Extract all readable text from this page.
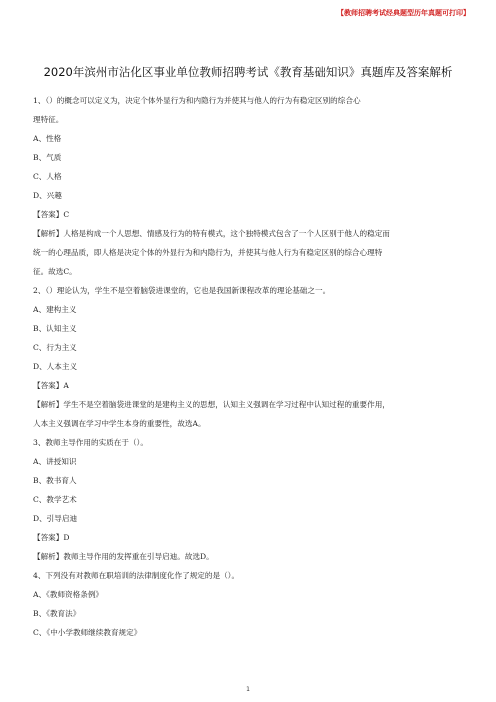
【教师招聘考试经典题型历年真题可打印】
2020年滨州市沾化区事业单位教师招聘考试《教育基础知识》真题库及答案解析
1、（）的概念可以定义为，决定个体外显行为和内隐行为并使其与他人的行为有稳定区别的综合心
理特征。
A、性格
B、气质
C、人格
D、兴趣
【答案】C
【解析】人格是构成一个人思想、情感及行为的特有模式，这个独特模式包含了一个人区别于他人的稳定而
统一的心理品质，即人格是决定个体的外显行为和内隐行为，并使其与他人行为有稳定区别的综合心理特
征。故选C。
2、（）理论认为，学生不是空着脑袋进课堂的，它也是我国新课程改革的理论基础之一。
A、建构主义
B、认知主义
C、行为主义
D、人本主义
【答案】A
【解析】学生不是空着脑袋进课堂的是建构主义的思想，认知主义强调在学习过程中认知过程的重要作用，
人本主义强调在学习中学生本身的重要性，故选A。
3、教师主导作用的实质在于（）。
A、讲授知识
B、教书育人
C、教学艺术
D、引导启迪
【答案】D
【解析】教师主导作用的发挥重在引导启迪。故选D。
4、下列没有对教师在职培训的法律制度化作了规定的是（）。
A、《教师资格条例》
B、《教育法》
C、《中小学教师继续教育规定》
1
